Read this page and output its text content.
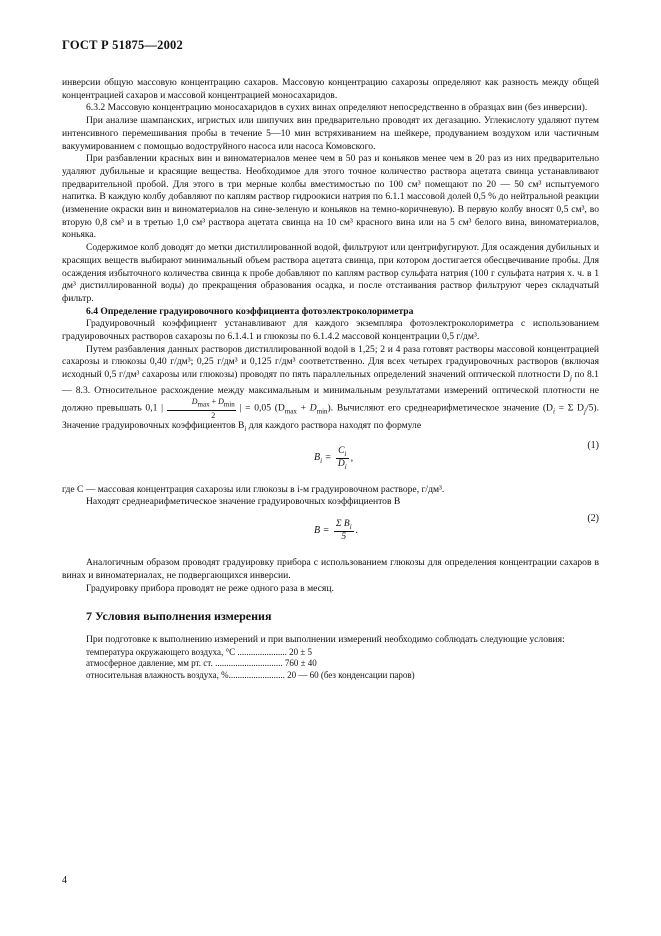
ГОСТ Р 51875—2002

инверсии общую массовую концентрацию сахаров. Массовую концентрацию сахарозы определяют как разность между общей концентрацией сахаров и массовой концентрацией моносахаридов.

6.3.2 Массовую концентрацию моносахаридов в сухих винах определяют непосредственно в образцах вин (без инверсии).

При анализе шампанских, игристых или шипучих вин предварительно проводят их дегазацию. Углекислоту удаляют путем интенсивного перемешивания пробы в течение 5—10 мин встряхиванием на шейкере, продуванием воздухом или частичным вакуумированием с помощью водоструйного насоса или насоса Комовского.

При разбавлении красных вин и виноматериалов менее чем в 50 раз и коньяков менее чем в 20 раз из них предварительно удаляют дубильные и красящие вещества. Необходимое для этого точное количество раствора ацетата свинца устанавливают предварительной пробой. Для этого в три мерные колбы вместимостью по 100 см³ помещают по 20 — 50 см³ испытуемого напитка. В каждую колбу добавляют по каплям раствор гидроокиси натрия по 6.1.1 массовой долей 0,5 % до нейтральной реакции (изменение окраски вин и виноматериалов на сине-зеленую и коньяков на темно-коричневую). В первую колбу вносят 0,5 см³, во вторую 0,8 см³ и в третью 1,0 см³ раствора ацетата свинца на 10 см³ красного вина или на 5 см³ белого вина, виноматериалов, коньяка.

Содержимое колб доводят до метки дистиллированной водой, фильтруют или центрифугируют. Для осаждения дубильных и красящих веществ выбирают минимальный объем раствора ацетата свинца, при котором достигается обесцвечивание пробы. Для осаждения избыточного количества свинца к пробе добавляют по каплям раствор сульфата натрия (100 г сульфата натрия х. ч. в 1 дм³ дистиллированной воды) до прекращения образования осадка, и после отстаивания раствор фильтруют через складчатый фильтр.

6.4 Определение градуировочного коэффициента фотоэлектроколориметра

Градуировочный коэффициент устанавливают для каждого экземпляра фотоэлектроколориметра с использованием градуировочных растворов сахарозы по 6.1.4.1 и глюкозы по 6.1.4.2 массовой концентрации 0,5 г/дм³.

Путем разбавления данных растворов дистиллированной водой в 1,25; 2 и 4 раза готовят растворы массовой концентрацией сахарозы и глюкозы 0,40 г/дм³; 0,25 г/дм³ и 0,125 г/дм³ соответственно. Для всех четырех градуировочных растворов (включая исходный 0,5 г/дм³ сахарозы или глюкозы) проводят по пять параллельных определений значений оптической плотности $D_j$ по 8.1 — 8.3. Относительное расхождение между максимальным и минимальным результатами измерений оптической плотности не должно превышать 0,1 | $\frac{D_{max} + D_{min}}{2}$ | = 0,05 $(D_{max} + D_{min})$. Вычисляют его среднеарифметическое значение ($D_i = \Sigma$ $D_j/5$). Значение градуировочных коэффициентов $B_i$ для каждого раствора находят по формуле

$B_i = \frac{C_i}{D_i}$ ,
(1)

где C — массовая концентрация сахарозы или глюкозы в i-м градуировочном растворе, г/дм³.

Находят среднеарифметическое значение градуировочных коэффициентов B

$B = \frac{\Sigma B_i}{5}$ .
(2)

Аналогичным образом проводят градуировку прибора с использованием глюкозы для определения концентрации сахаров в винах и виноматериалах, не подвергающихся инверсии.

Градуировку прибора проводят не реже одного раза в месяц.

7 Условия выполнения измерения

При подготовке к выполнению измерений и при выполнении измерений необходимо соблюдать следующие условия:

температура окружающего воздуха, °С ...................... 20 ± 5
атмосферное давление, мм рт. ст. .............................. 760 ± 40
относительная влажность воздуха, %......................... 20 — 60 (без конденсации паров)
4
